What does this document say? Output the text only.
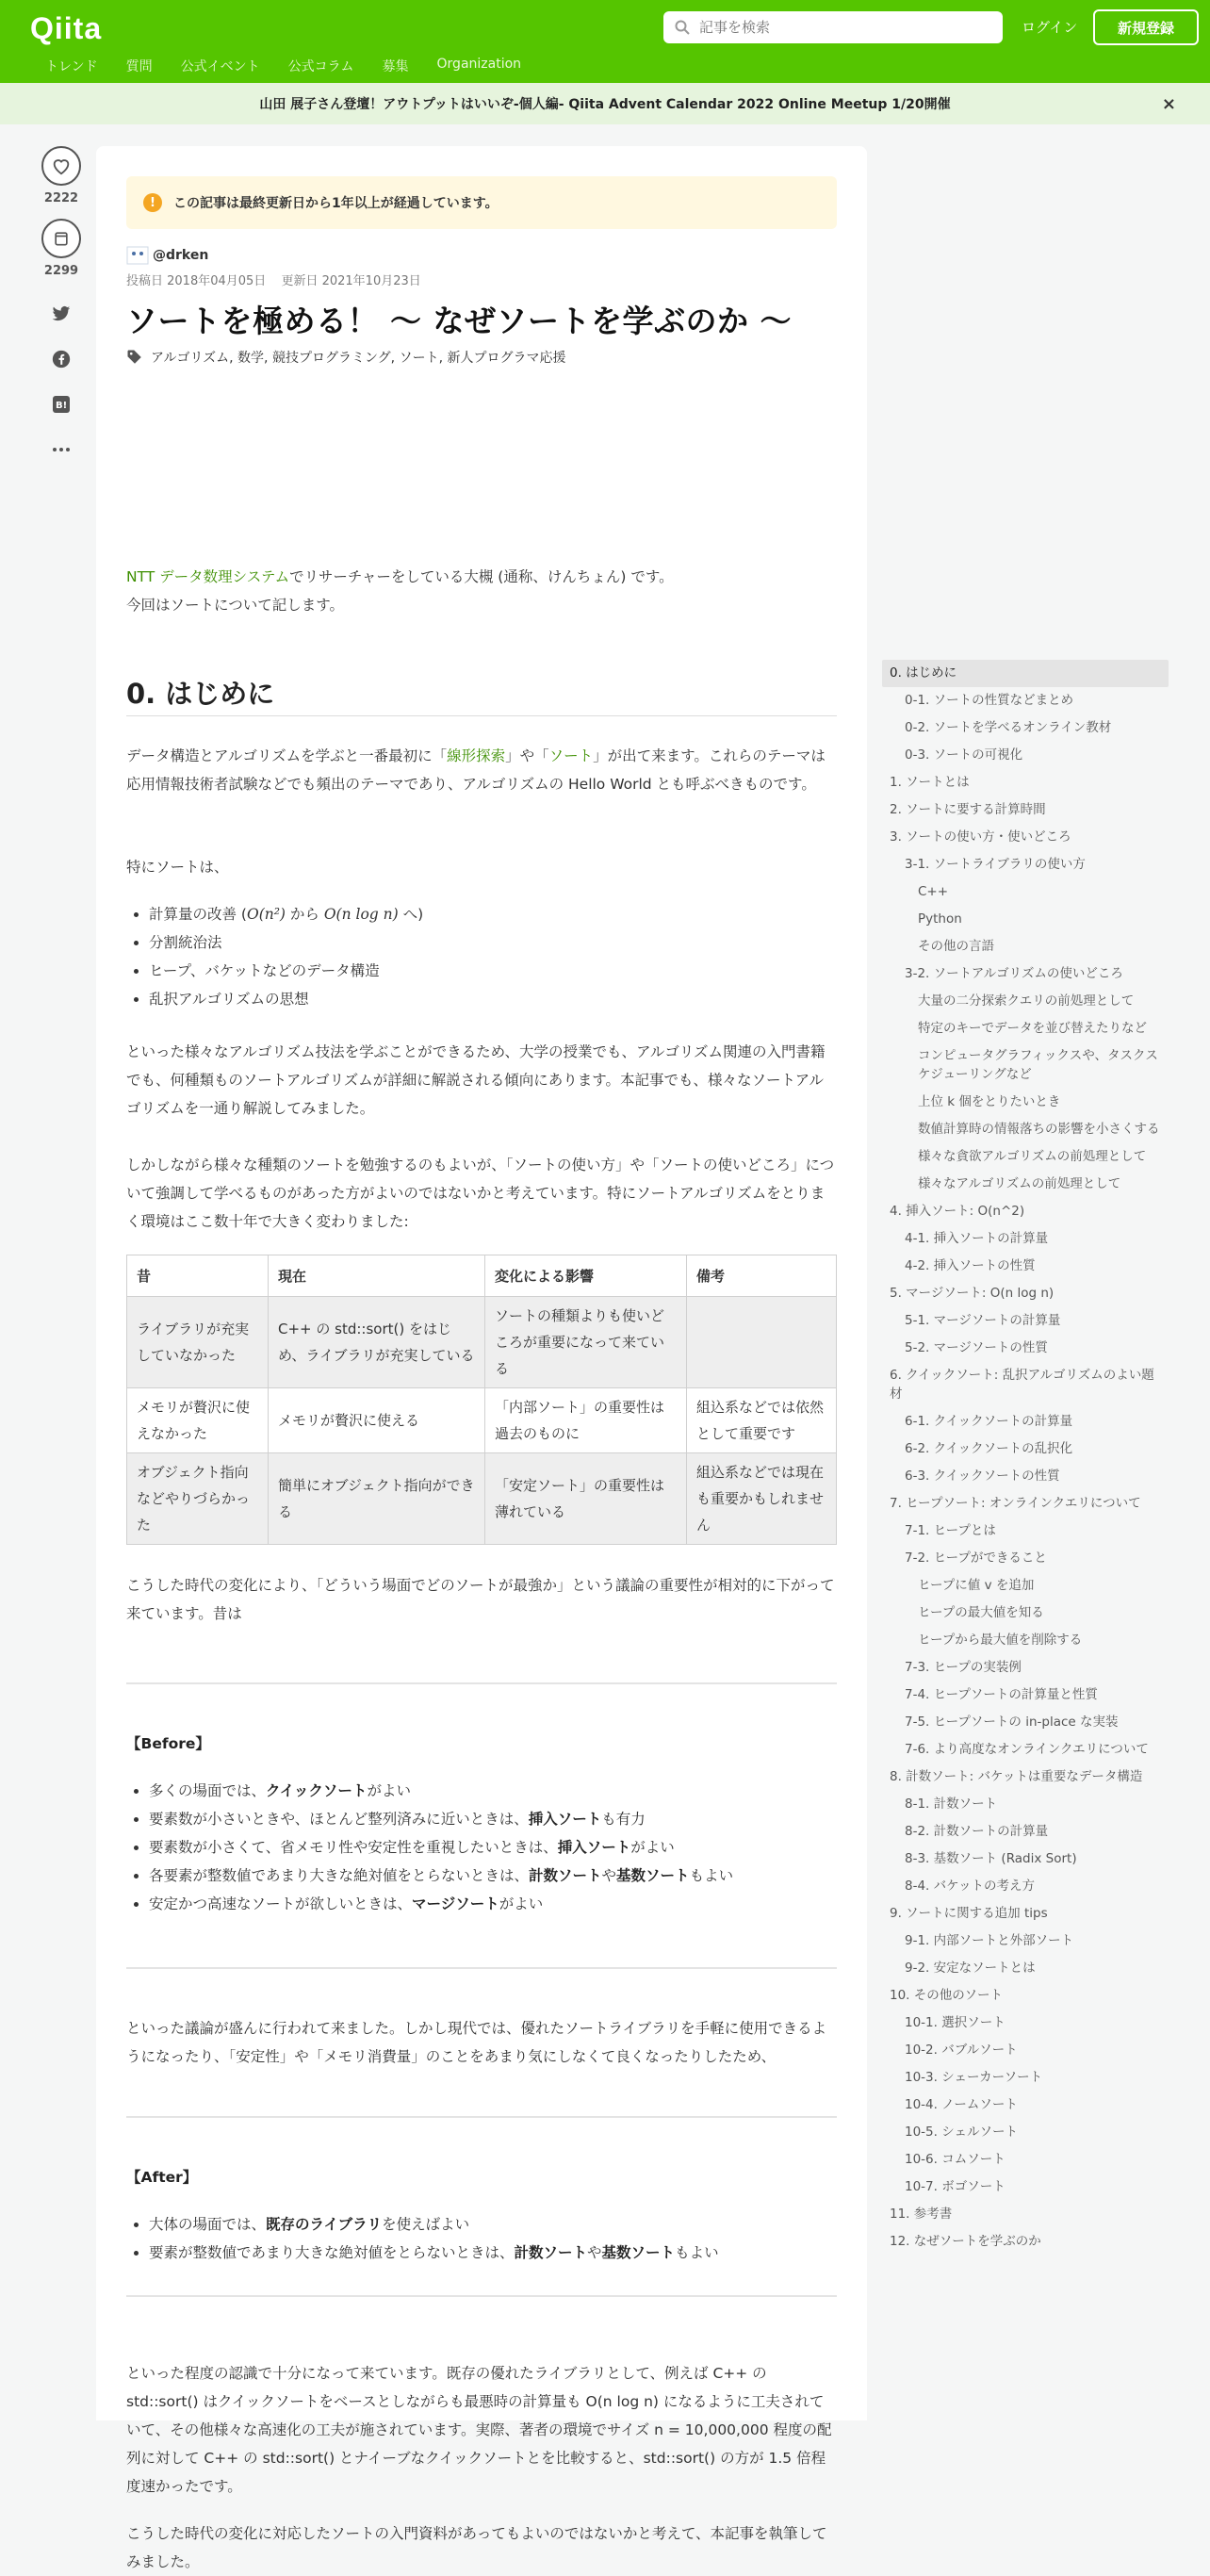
Qiita
記事を検索	ログイン	新規登録
トレンド 質問 公式イベント 公式コラム 募集 Organization
山田 展子さん登壇！アウトプットはいいぞ-個人編- Qiita Advent Calendar 2022 Online Meetup 1/20開催	×
2222
2299
B!
!	この記事は最終更新日から1年以上が経過しています。
@drken
投稿日 2018年04月05日 更新日 2021年10月23日
ソートを極める！ 〜 なぜソートを学ぶのか 〜
アルゴリズム, 数学, 競技プログラミング, ソート, 新人プログラマ応援
NTT データ数理システムでリサーチャーをしている大槻 (通称、けんちょん) です。
今回はソートについて記します。
0. はじめに
データ構造とアルゴリズムを学ぶと一番最初に「線形探索」や「ソート」が出て来ます。これらのテーマは応用情報技術者試験などでも頻出のテーマであり、アルゴリズムの Hello World とも呼ぶべきものです。
特にソートは、
• 計算量の改善 (O(n²) から O(n log n) へ)
• 分割統治法
• ヒープ、バケットなどのデータ構造
• 乱択アルゴリズムの思想
といった様々なアルゴリズム技法を学ぶことができるため、大学の授業でも、アルゴリズム関連の入門書籍でも、何種類ものソートアルゴリズムが詳細に解説される傾向にあります。本記事でも、様々なソートアルゴリズムを一通り解説してみました。
しかしながら様々な種類のソートを勉強するのもよいが、「ソートの使い方」や「ソートの使いどころ」について強調して学べるものがあった方がよいのではないかと考えています。特にソートアルゴリズムをとりまく環境はここ数十年で大きく変わりました:
昔	現在	変化による影響	備考
ライブラリが充実していなかった	C++ の std::sort() をはじめ、ライブラリが充実している	ソートの種類よりも使いどころが重要になって来ている	
メモリが贅沢に使えなかった	メモリが贅沢に使える	「内部ソート」の重要性は過去のものに	組込系などでは依然として重要です
オブジェクト指向などやりづらかった	簡単にオブジェクト指向ができる	「安定ソート」の重要性は薄れている	組込系などでは現在も重要かもしれません
こうした時代の変化により、「どういう場面でどのソートが最強か」という議論の重要性が相対的に下がって来ています。昔は
【Before】
• 多くの場面では、クイックソートがよい
• 要素数が小さいときや、ほとんど整列済みに近いときは、挿入ソートも有力
• 要素数が小さくて、省メモリ性や安定性を重視したいときは、挿入ソートがよい
• 各要素が整数値であまり大きな絶対値をとらないときは、計数ソートや基数ソートもよい
• 安定かつ高速なソートが欲しいときは、マージソートがよい
といった議論が盛んに行われて来ました。しかし現代では、優れたソートライブラリを手軽に使用できるようになったり、「安定性」や「メモリ消費量」のことをあまり気にしなくて良くなったりしたため、
【After】
• 大体の場面では、既存のライブラリを使えばよい
• 要素が整数値であまり大きな絶対値をとらないときは、計数ソートや基数ソートもよい
といった程度の認識で十分になって来ています。既存の優れたライブラリとして、例えば C++ の std::sort() はクイックソートをベースとしながらも最悪時の計算量も O(n log n) になるように工夫されていて、その他様々な高速化の工夫が施されています。実際、著者の環境でサイズ n = 10,000,000 程度の配列に対して C++ の std::sort() とナイーブなクイックソートとを比較すると、std::sort() の方が 1.5 倍程度速かったです。
こうした時代の変化に対応したソートの入門資料があってもよいのではないかと考えて、本記事を執筆してみました。
0. はじめに
0-1. ソートの性質などまとめ
0-2. ソートを学べるオンライン教材
0-3. ソートの可視化
1. ソートとは
2. ソートに要する計算時間
3. ソートの使い方・使いどころ
3-1. ソートライブラリの使い方
C++
Python
その他の言語
3-2. ソートアルゴリズムの使いどころ
大量の二分探索クエリの前処理として
特定のキーでデータを並び替えたりなど
コンピュータグラフィックスや、タスクスケジューリングなど
上位 k 個をとりたいとき
数値計算時の情報落ちの影響を小さくする
様々な貪欲アルゴリズムの前処理として
様々なアルゴリズムの前処理として
4. 挿入ソート: O(n^2)
4-1. 挿入ソートの計算量
4-2. 挿入ソートの性質
5. マージソート: O(n log n)
5-1. マージソートの計算量
5-2. マージソートの性質
6. クイックソート: 乱択アルゴリズムのよい題材
6-1. クイックソートの計算量
6-2. クイックソートの乱択化
6-3. クイックソートの性質
7. ヒープソート: オンラインクエリについて
7-1. ヒープとは
7-2. ヒープができること
ヒープに値 v を追加
ヒープの最大値を知る
ヒープから最大値を削除する
7-3. ヒープの実装例
7-4. ヒープソートの計算量と性質
7-5. ヒープソートの in-place な実装
7-6. より高度なオンラインクエリについて
8. 計数ソート: バケットは重要なデータ構造
8-1. 計数ソート
8-2. 計数ソートの計算量
8-3. 基数ソート (Radix Sort)
8-4. バケットの考え方
9. ソートに関する追加 tips
9-1. 内部ソートと外部ソート
9-2. 安定なソートとは
10. その他のソート
10-1. 選択ソート
10-2. バブルソート
10-3. シェーカーソート
10-4. ノームソート
10-5. シェルソート
10-6. コムソート
10-7. ボゴソート
11. 参考書
12. なぜソートを学ぶのか
